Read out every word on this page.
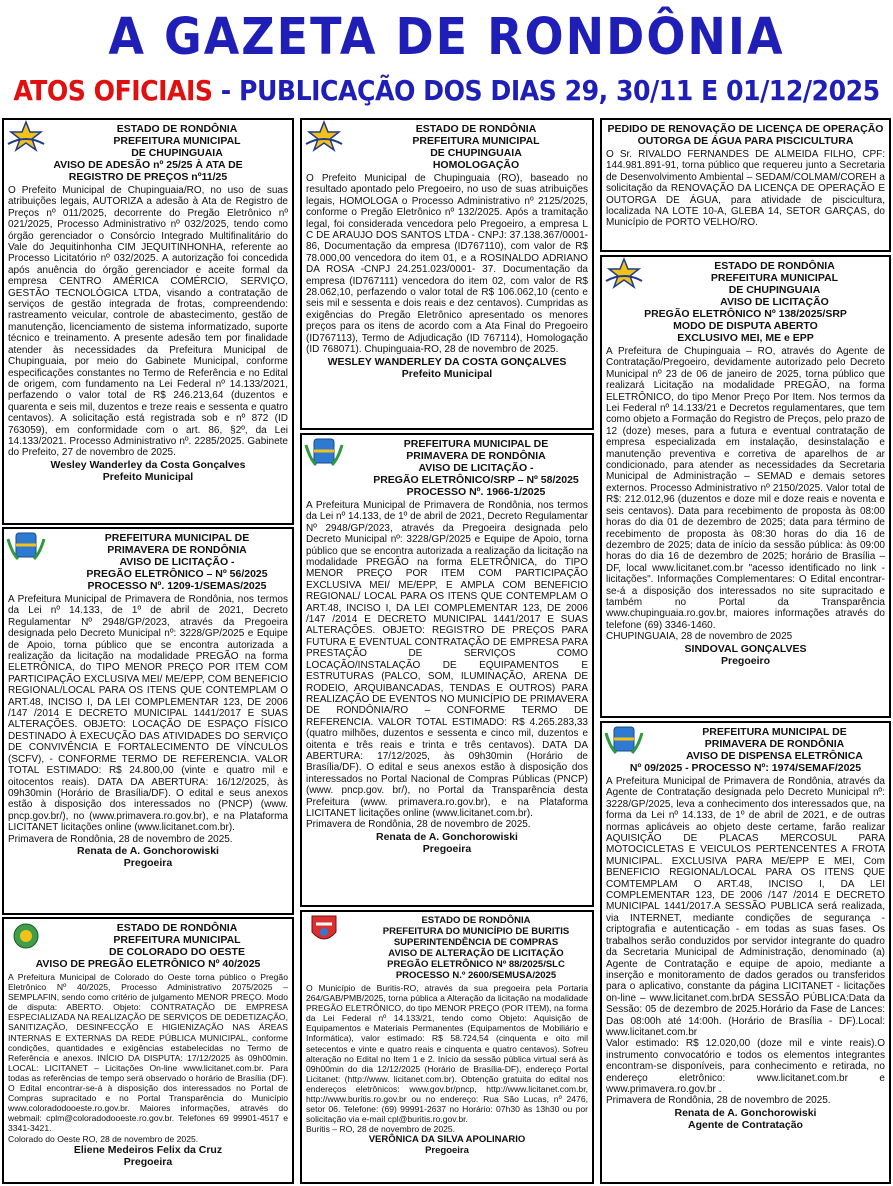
A GAZETA DE RONDÔNIA
ATOS OFICIAIS - PUBLICAÇÃO DOS DIAS 29, 30/11 E 01/12/2025
ESTADO DE RONDÔNIA
PREFEITURA MUNICIPAL
DE CHUPINGUAIA
AVISO DE ADESÃO nº 25/25 À ATA DE
REGISTRO DE PREÇOS nº11/25
O Prefeito Municipal de Chupinguaia/RO, no uso de suas atribuições legais, AUTORIZA a adesão à Ata de Registro de Preços nº 011/2025, decorrente do Pregão Eletrônico nº 021/2025, Processo Administrativo nº 032/2025, tendo como órgão gerenciador o Consórcio Integrado Multifinalitário do Vale do Jequitinhonha CIM JEQUITINHONHA, referente ao Processo Licitatório nº 032/2025. A autorização foi concedida após anuência do órgão gerenciador e aceite formal da empresa CENTRO AMÉRICA COMÉRCIO, SERVIÇO, GESTÃO TECNOLÓGICA LTDA, visando a contratação de serviços de gestão integrada de frotas, compreendendo: rastreamento veicular, controle de abastecimento, gestão de manutenção, licenciamento de sistema informatizado, suporte técnico e treinamento. A presente adesão tem por finalidade atender às necessidades da Prefeitura Municipal de Chupinguaia, por meio do Gabinete Municipal, conforme especificações constantes no Termo de Referência e no Edital de origem, com fundamento na Lei Federal nº 14.133/2021, perfazendo o valor total de R$ 246.213,64 (duzentos e quarenta e seis mil, duzentos e treze reais e sessenta e quatro centavos). A solicitação está registrada sob e nº 872 (ID 763059), em conformidade com o art. 86, §2º, da Lei 14.133/2021. Processo Administrativo nº. 2285/2025. Gabinete do Prefeito, 27 de novembro de 2025.
Wesley Wanderley da Costa Gonçalves
Prefeito Municipal
PREFEITURA MUNICIPAL DE
PRIMAVERA DE RONDÔNIA
AVISO DE LICITAÇÃO -
PREGÃO ELETRÔNICO – Nº 56/2025
PROCESSO Nº. 1209-1/SEMAS/2025
A Prefeitura Municipal de Primavera de Rondônia, nos termos da Lei nº 14.133, de 1º de abril de 2021, Decreto Regulamentar Nº 2948/GP/2023, através da Pregoeira designada pelo Decreto Municipal nº: 3228/GP/2025 e Equipe de Apoio, torna público que se encontra autorizada a realização da licitação na modalidade PREGÃO na forma ELETRÔNICA, do TIPO MENOR PREÇO POR ITEM COM PARTICIPAÇÃO EXCLUSIVA MEI/ ME/EPP, COM BENEFICIO REGIONAL/LOCAL PARA OS ITENS QUE CONTEMPLAM O ART.48, INCISO I, DA LEI COMPLEMENTAR 123, DE 2006 /147 /2014 E DECRETO MUNICIPAL 1441/2017 E SUAS ALTERAÇÕES. OBJETO: LOCAÇÃO DE ESPAÇO FÍSICO DESTINADO À EXECUÇÃO DAS ATIVIDADES DO SERVIÇO DE CONVIVÊNCIA E FORTALECIMENTO DE VÍNCULOS (SCFV), - CONFORME TERMO DE REFERENCIA. VALOR TOTAL ESTIMADO: R$ 24.800,00 (vinte e quatro mil e oitocentos reais). DATA DA ABERTURA: 16/12/2025, às 09h30min (Horário de Brasília/DF). O edital e seus anexos estão à disposição dos interessados no (PNCP) (www. pncp.gov.br/), no (www.primavera.ro.gov.br), e na Plataforma LICITANET licitações online (www.licitanet.com.br).
Primavera de Rondônia, 28 de novembro de 2025.
Renata de A. Gonchorowiski
Pregoeira
ESTADO DE RONDÔNIA
PREFEITURA MUNICIPAL
DE COLORADO DO OESTE
AVISO DE PREGÃO ELETRÔNICO Nº 40/2025
A Prefeitura Municipal de Colorado do Oeste torna público o Pregão Eletrônico Nº 40/2025, Processo Administrativo 2075/2025 – SEMPLAFIN, sendo como critério de julgamento MENOR PREÇO. Modo de disputa: ABERTO. Objeto: CONTRATAÇÃO DE EMPRESA ESPECIALIZADA NA REALIZAÇÃO DE SERVIÇOS DE DEDETIZAÇÃO, SANITIZAÇÃO, DESINFECÇÃO E HIGIENIZAÇÃO NAS ÁREAS INTERNAS E EXTERNAS DA REDE PÚBLICA MUNICIPAL, conforme condições, quantidades e exigências estabelecidas no Termo de Referência e anexos. INÍCIO DA DISPUTA: 17/12/2025 às 09h00min. LOCAL: LICITANET – Licitações On-line www.licitanet.com.br. Para todas as referências de tempo será observado o horário de Brasília (DF). O Edital encontrar-se-á à disposição dos interessados no Portal de Compras supracitado e no Portal Transparência do Município www.coloradodooeste.ro.gov.br. Maiores informações, através do webmail: cplm@coloradodooeste.ro.gov.br. Telefones 69 99901-4517 e 3341-3421.
Colorado do Oeste RO, 28 de novembro de 2025.
Eliene Medeiros Felix da Cruz
Pregoeira
ESTADO DE RONDÔNIA
PREFEITURA MUNICIPAL
DE CHUPINGUAIA
HOMOLOGAÇÃO
O Prefeito Municipal de Chupinguaia (RO), baseado no resultado apontado pelo Pregoeiro, no uso de suas atribuições legais, HOMOLOGA o Processo Administrativo nº 2125/2025, conforme o Pregão Eletrônico nº 132/2025. Após a tramitação legal, foi considerada vencedora pelo Pregoeiro, a empresa L C DE ARAUJO DOS SANTOS LTDA - CNPJ: 37.138.367/0001-86, Documentação da empresa (ID767110), com valor de R$ 78.000,00 vencedora do item 01, e a ROSINALDO ADRIANO DA ROSA -CNPJ 24.251.023/0001- 37. Documentação da empresa (ID767111) vencedora do item 02, com valor de R$ 28.062,10, perfazendo o valor total de R$ 106.062,10 (cento e seis mil e sessenta e dois reais e dez centavos). Cumpridas as exigências do Pregão Eletrônico apresentado os menores preços para os itens de acordo com a Ata Final do Pregoeiro (ID767113), Termo de Adjudicação (ID 767114), Homologação (ID 768071). Chupinguaia-RO, 28 de novembro de 2025.
WESLEY WANDERLEY DA COSTA GONÇALVES
Prefeito Municipal
PREFEITURA MUNICIPAL DE
PRIMAVERA DE RONDÔNIA
AVISO DE LICITAÇÃO -
PREGÃO ELETRÔNICO/SRP – Nº 58/2025
PROCESSO Nº. 1966-1/2025
A Prefeitura Municipal de Primavera de Rondônia, nos termos da Lei nº 14.133, de 1º de abril de 2021, Decreto Regulamentar Nº 2948/GP/2023, através da Pregoeira designada pelo Decreto Municipal nº: 3228/GP/2025 e Equipe de Apoio, torna público que se encontra autorizada a realização da licitação na modalidade PREGÃO na forma ELETRÔNICA, do TIPO MENOR PREÇO POR ITEM COM PARTICIPAÇÃO EXCLUSIVA MEI/ ME/EPP, E AMPLA COM BENEFICIO REGIONAL/ LOCAL PARA OS ITENS QUE CONTEMPLAM O ART.48, INCISO I, DA LEI COMPLEMENTAR 123, DE 2006 /147 /2014 E DECRETO MUNICIPAL 1441/2017 E SUAS ALTERAÇÕES. OBJETO: REGISTRO DE PREÇOS PARA FUTURA E EVENTUAL CONTRATAÇÃO DE EMPRESA PARA PRESTAÇÃO DE SERVIÇOS COMO LOCAÇÃO/INSTALAÇÃO DE EQUIPAMENTOS E ESTRUTURAS (PALCO, SOM, ILUMINAÇÃO, ARENA DE RODEIO, ARQUIBANCADAS, TENDAS E OUTROS) PARA REALIZAÇÃO DE EVENTOS NO MUNICÍPIO DE PRIMAVERA DE RONDÔNIA/RO – CONFORME TERMO DE REFERENCIA. VALOR TOTAL ESTIMADO: R$ 4.265.283,33 (quatro milhões, duzentos e sessenta e cinco mil, duzentos e oitenta e três reais e trinta e três centavos). DATA DA ABERTURA: 17/12/2025, às 09h30min (Horário de Brasília/DF). O edital e seus anexos estão à disposição dos interessados no Portal Nacional de Compras Públicas (PNCP) (www. pncp.gov. br/), no Portal da Transparência desta Prefeitura (www. primavera.ro.gov.br), e na Plataforma LICITANET licitações online (www.licitanet.com.br).
Primavera de Rondônia, 28 de novembro de 2025.
Renata de A. Gonchorowiski
Pregoeira
ESTADO DE RONDÔNIA
PREFEITURA DO MUNICÍPIO DE BURITIS
SUPERINTENDÊNCIA DE COMPRAS
AVISO DE ALTERAÇÃO DE LICITAÇÃO
PREGÃO ELETRÔNICO Nº 88/2025/SLC
PROCESSO N.º 2600/SEMUSA/2025
O Município de Buritis-RO, através da sua pregoeira pela Portaria 264/GAB/PMB/2025, torna pública a Alteração da licitação na modalidade PREGÃO ELETRÔNICO, do tipo MENOR PREÇO (POR ITEM), na forma da Lei Federal nº 14.133/21, tendo como Objeto: Aquisição de Equipamentos e Materiais Permanentes (Equipamentos de Mobiliário e Informática), valor estimado: R$ 58.724,54 (cinquenta e oito mil setecentos e vinte e quatro reais e cinquenta e quatro centavos). Sofreu alteração no Edital no Item 1 e 2. Início da sessão pública virtual será às 09h00min do dia 12/12/2025 (Horário de Brasília-DF), endereço Portal Licitanet: (http://www. licitanet.com.br). Obtenção gratuita do edital nos endereços eletrônicos: www.gov.br/pncp, http://www.licitanet.com.br, http://www.buritis.ro.gov.br ou no endereço: Rua São Lucas, nº 2476, setor 06. Telefone: (69) 99991-2637 no Horário: 07h30 às 13h30 ou por solicitação via e-mail cpl@buritis.ro.gov.br.
Buritis – RO, 28 de novembro de 2025.
VERÔNICA DA SILVA APOLINARIO
Pregoeira
PEDIDO DE RENOVAÇÃO DE LICENÇA DE OPERAÇÃO
OUTORGA DE ÁGUA PARA PISCICULTURA
O Sr. RIVALDO FERNANDES DE ALMEIDA FILHO, CPF: 144.981.891-91, torna público que requereu junto a Secretaria de Desenvolvimento Ambiental – SEDAM/COLMAM/COREH a solicitação da RENOVAÇÃO DA LICENÇA DE OPERAÇÃO E OUTORGA DE ÁGUA, para atividade de piscicultura, localizada NA LOTE 10-A, GLEBA 14, SETOR GARÇAS, do Município de PORTO VELHO/RO.
ESTADO DE RONDÔNIA
PREFEITURA MUNICIPAL
DE CHUPINGUAIA
AVISO DE LICITAÇÃO
PREGÃO ELETRÔNICO Nº 138/2025/SRP
MODO DE DISPUTA ABERTO
EXCLUSIVO MEI, ME e EPP
A Prefeitura de Chupinguaia – RO, através do Agente de Contratação/Pregoeiro, devidamente autorizado pelo Decreto Municipal nº 23 de 06 de janeiro de 2025, torna público que realizará Licitação na modalidade PREGÃO, na forma ELETRÔNICO, do tipo Menor Preço Por Item. Nos termos da Lei Federal nº 14.133/21 e Decretos regulamentares, que tem como objeto a Formação do Registro de Preços, pelo prazo de 12 (doze) meses, para a futura e eventual contratação de empresa especializada em instalação, desinstalação e manutenção preventiva e corretiva de aparelhos de ar condicionado, para atender as necessidades da Secretaria Municipal de Administração – SEMAD e demais setores externos. Processo Administrativo nº 2150/2025. Valor total de R$: 212.012,96 (duzentos e doze mil e doze reais e noventa e seis centavos). Data para recebimento de proposta às 08:00 horas do dia 01 de dezembro de 2025; data para término de recebimento de proposta às 08:30 horas do dia 16 de dezembro de 2025; data de início da sessão pública: às 09:00 horas do dia 16 de dezembro de 2025; horário de Brasília – DF, local www.licitanet.com.br "acesso identificado no link - licitações". Informações Complementares: O Edital encontrar-se-á a disposição dos interessados no site supracitado e também no Portal da Transparência www.chupinguaia.ro.gov.br, maiores informações através do telefone (69) 3346-1460.
CHUPINGUAIA, 28 de novembro de 2025
SINDOVAL GONÇALVES
Pregoeiro
PREFEITURA MUNICIPAL DE
PRIMAVERA DE RONDÔNIA
AVISO DE DISPENSA ELETRÔNICA
Nº 09/2025 - PROCESSO Nº: 1974/SEMAF/2025
A Prefeitura Municipal de Primavera de Rondônia, através da Agente de Contratação designada pelo Decreto Municipal nº: 3228/GP/2025, leva a conhecimento dos interessados que, na forma da Lei nº 14.133, de 1º de abril de 2021, e de outras normas aplicáveis ao objeto deste certame, farão realizar AQUISIÇÃO DE PLACAS MERCOSUL PARA MOTOCICLETAS E VEICULOS PERTENCENTES A FROTA MUNICIPAL. EXCLUSIVA PARA ME/EPP E MEI, Com BENEFICIO REGIONAL/LOCAL PARA OS ITENS QUE COMTEMPLAM O ART.48, INCISO I, DA LEI COMPLEMENTAR 123, DE 2006 /147 /2014 E DECRETO MUNICIPAL 1441/2017.A SESSÃO PUBLICA será realizada, via INTERNET, mediante condições de segurança - criptografia e autenticação - em todas as suas fases. Os trabalhos serão conduzidos por servidor integrante do quadro da Secretaria Municipal de Administração, denominado (a) Agente de Contratação e equipe de apoio, mediante a inserção e monitoramento de dados gerados ou transferidos para o aplicativo, constante da página LICITANET - licitações on-line – www.licitanet.com.brDA SESSÃO PÚBLICA:Data da Sessão: 05 de dezembro de 2025.Horário da Fase de Lances: Das 08:00h até 14:00h. (Horário de Brasília - DF).Local: www.licitanet.com.br
Valor estimado: R$ 12.020,00 (doze mil e vinte reais).O instrumento convocatório e todos os elementos integrantes encontram-se disponíveis, para conhecimento e retirada, no endereço eletrônico: www.licitanet.com.br e www.primavera.ro.gov.br .
Primavera de Rondônia, 28 de novembro de 2025.
Renata de A. Gonchorowiski
Agente de Contratação
